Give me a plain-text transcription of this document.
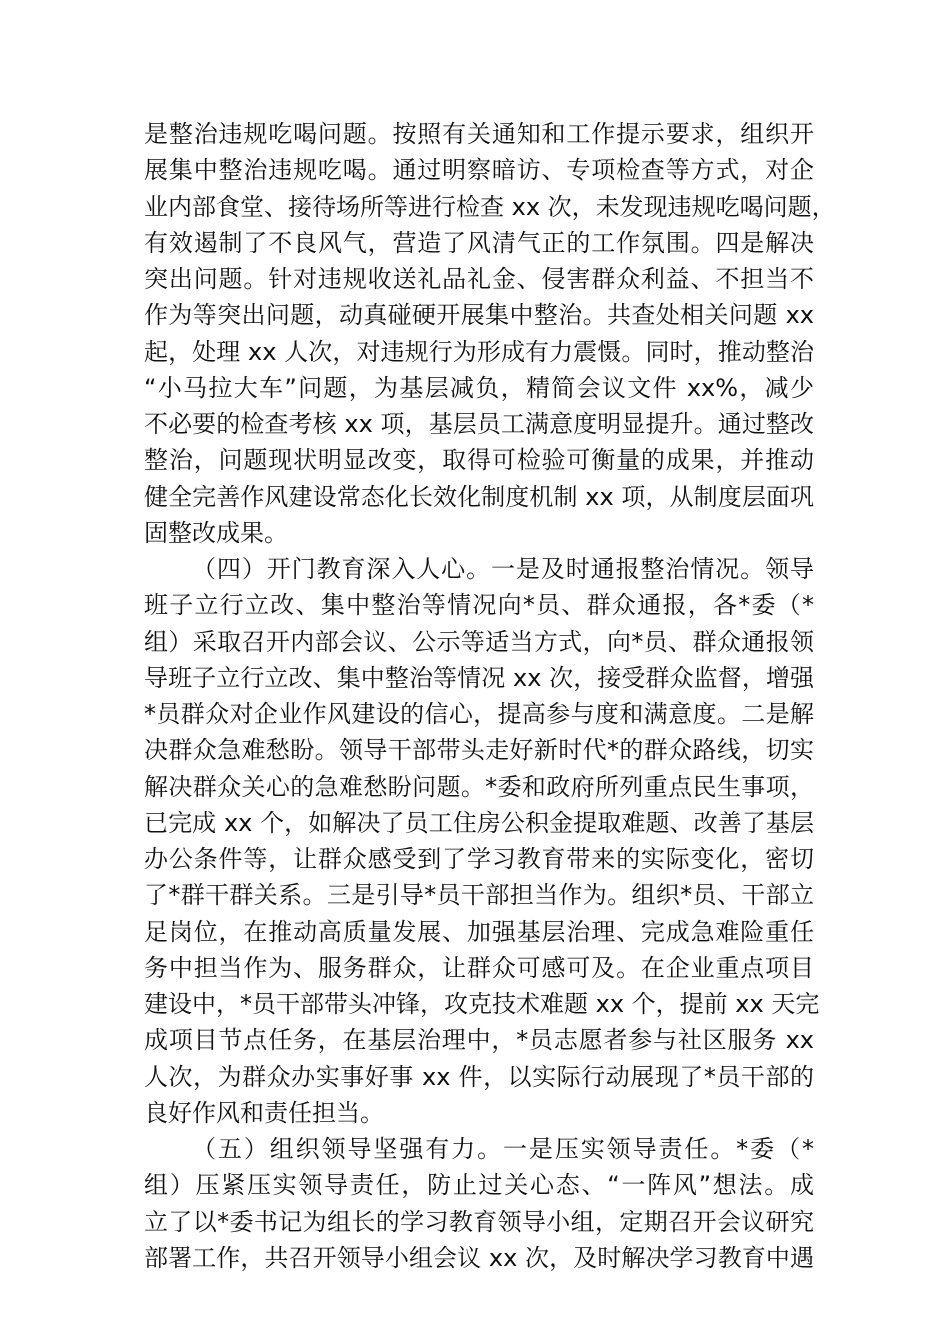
是整治违规吃喝问题。按照有关通知和工作提示要求，组织开
展集中整治违规吃喝。通过明察暗访、专项检查等方式，对企
业内部食堂、接待场所等进行检查 xx 次，未发现违规吃喝问题，
有效遏制了不良风气，营造了风清气正的工作氛围。四是解决
突出问题。针对违规收送礼品礼金、侵害群众利益、不担当不
作为等突出问题，动真碰硬开展集中整治。共查处相关问题 xx
起，处理 xx 人次，对违规行为形成有力震慑。同时，推动整治
“小马拉大车”问题，为基层减负，精简会议文件 xx%，减少
不必要的检查考核 xx 项，基层员工满意度明显提升。通过整改
整治，问题现状明显改变，取得可检验可衡量的成果，并推动
健全完善作风建设常态化长效化制度机制 xx 项，从制度层面巩
固整改成果。
（四）开门教育深入人心。一是及时通报整治情况。领导
班子立行立改、集中整治等情况向*员、群众通报，各*委（*
组）采取召开内部会议、公示等适当方式，向*员、群众通报领
导班子立行立改、集中整治等情况 xx 次，接受群众监督，增强
*员群众对企业作风建设的信心，提高参与度和满意度。二是解
决群众急难愁盼。领导干部带头走好新时代*的群众路线，切实
解决群众关心的急难愁盼问题。*委和政府所列重点民生事项，
已完成 xx 个，如解决了员工住房公积金提取难题、改善了基层
办公条件等，让群众感受到了学习教育带来的实际变化，密切
了*群干群关系。三是引导*员干部担当作为。组织*员、干部立
足岗位，在推动高质量发展、加强基层治理、完成急难险重任
务中担当作为、服务群众，让群众可感可及。在企业重点项目
建设中，*员干部带头冲锋，攻克技术难题 xx 个，提前 xx 天完
成项目节点任务，在基层治理中，*员志愿者参与社区服务 xx
人次，为群众办实事好事 xx 件，以实际行动展现了*员干部的
良好作风和责任担当。
（五）组织领导坚强有力。一是压实领导责任。*委（*
组）压紧压实领导责任，防止过关心态、“一阵风”想法。成
立了以*委书记为组长的学习教育领导小组，定期召开会议研究
部署工作，共召开领导小组会议 xx 次，及时解决学习教育中遇
